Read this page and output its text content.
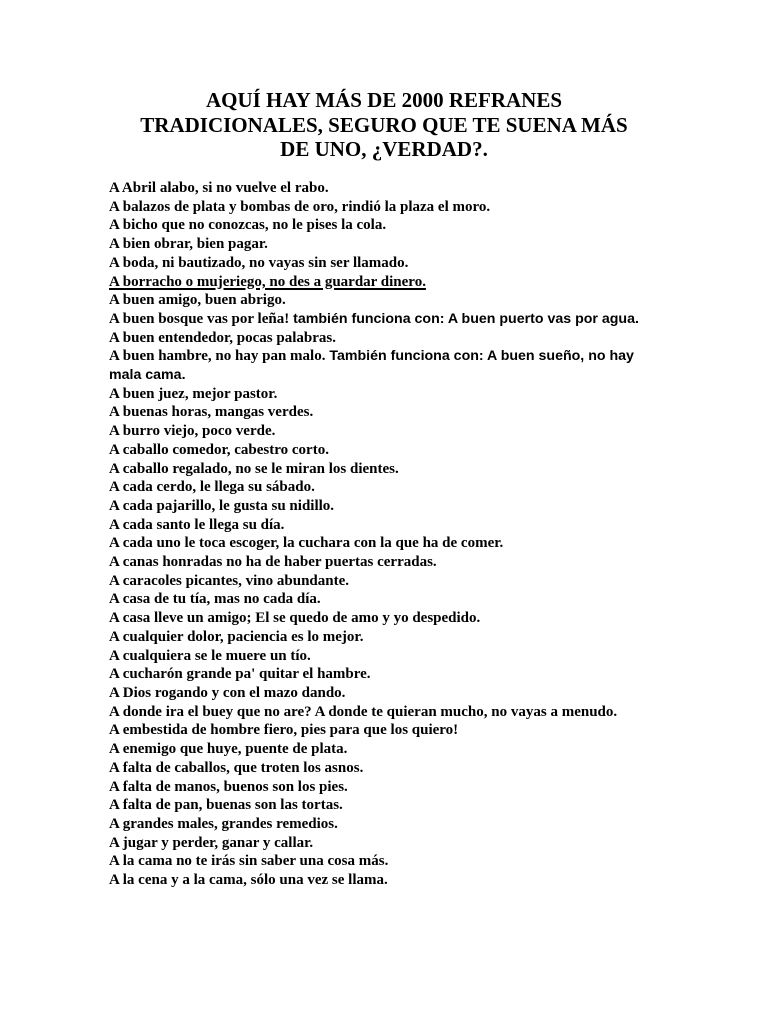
AQUÍ HAY MÁS DE 2000 REFRANES
TRADICIONALES, SEGURO QUE TE SUENA MÁS
DE UNO, ¿VERDAD?.
A Abril alabo, si no vuelve el rabo.
A balazos de plata y bombas de oro, rindió la plaza el moro.
A bicho que no conozcas, no le pises la cola.
A bien obrar, bien pagar.
A boda, ni bautizado, no vayas sin ser llamado.
A borracho o mujeriego, no des a guardar dinero.
A buen amigo, buen abrigo.
A buen bosque vas por leña! también funciona con: A buen puerto vas por agua.
A buen entendedor, pocas palabras.
A buen hambre, no hay pan malo. También funciona con: A buen sueño, no hay mala cama.
A buen juez, mejor pastor.
A buenas horas, mangas verdes.
A burro viejo, poco verde.
A caballo comedor, cabestro corto.
A caballo regalado, no se le miran los dientes.
A cada cerdo, le llega su sábado.
A cada pajarillo, le gusta su nidillo.
A cada santo le llega su día.
A cada uno le toca escoger, la cuchara con la que ha de comer.
A canas honradas no ha de haber puertas cerradas.
A caracoles picantes, vino abundante.
A casa de tu tía, mas no cada día.
A casa lleve un amigo; El se quedo de amo y yo despedido.
A cualquier dolor, paciencia es lo mejor.
A cualquiera se le muere un tío.
A cucharón grande pa' quitar el hambre.
A Dios rogando y con el mazo dando.
A donde ira el buey que no are? A donde te quieran mucho, no vayas a menudo.
A embestida de hombre fiero, pies para que los quiero!
A enemigo que huye, puente de plata.
A falta de caballos, que troten los asnos.
A falta de manos, buenos son los pies.
A falta de pan, buenas son las tortas.
A grandes males, grandes remedios.
A jugar y perder, ganar y callar.
A la cama no te irás sin saber una cosa más.
A la cena y a la cama, sólo una vez se llama.
